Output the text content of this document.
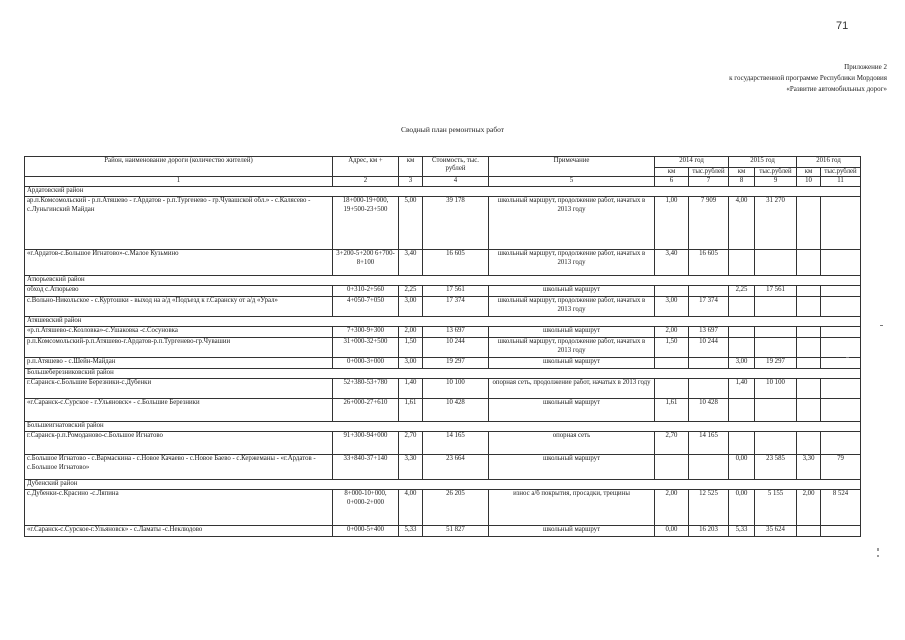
71
Приложение 2
к государственной программе Республики Мордовия
«Развитие автомобильных дорог»
Сводный план ремонтных работ
Район, наименование дороги (количество жителей)	Адрес, км +	км	Стоимость, тыс. рублей	Примечание	2014 год		2015 год		2016 год	
					км	тыс.рублей	км	тыс.рублей	км	тыс.рублей
1	2	3	4	5	6	7	8	9	10	11
Ардатовский район										
ар.п.Комсомольский - р.п.Атяшево - г.Ардатов - р.п.Тургенево - гр.Чувашской обл.» - с.Калясево - с.Луньгинский Майдан	18+000-19+000, 19+500-23+500	5,00	39 178	школьный маршрут, продолжение работ, начатых в 2013 году	1,00	7 909	4,00	31 270		
«г.Ардатов-с.Большое Игнатово»-с.Малое Кузьмино	3+200-5+200 6+700-8+100	3,40	16 605	школьный маршрут, продолжение работ, начатых в 2013 году	3,40	16 605				
Атюрьевский район										
обход с.Атюрьево	0+310-2+560	2,25	17 561	школьный маршрут			2,25	17 561		
с.Вольно-Никольское - с.Куртошки - выход на а/д «Подъезд к г.Саранску от а/д «Урал»	4+050-7+050	3,00	17 374	школьный маршрут, продолжение работ, начатых в 2013 году	3,00	17 374				
Атяшевский район										
«р.п.Атяшево-с.Козловка»-с.Ушаковка -с.Сосуновка	7+300-9+300	2,00	13 697	школьный маршрут	2,00	13 697				
р.п.Комсомольский-р.п.Атяшево-г.Ардатов-р.п.Тургенево-гр.Чувашии	31+000-32+500	1,50	10 244	школьный маршрут, продолжение работ, начатых в 2013 году	1,50	10 244				
р.п.Атяшево - с.Шейн-Майдан	0+000-3+000	3,00	19 297	школьный маршрут			3,00	19 297		
Большеберезниковский район										
г.Саранск-с.Большие Березники-с.Дубенки	52+380-53+780	1,40	10 100	опорная сеть, продолжение работ, начатых в 2013 году			1,40	10 100		
«г.Саранск-с.Сурское - г.Ульяновск» - с.Большие Березники	26+000-27+610	1,61	10 428	школьный маршрут	1,61	10 428				
Большеигнатовский район										
г.Саранск-р.п.Ромоданово-с.Большое Игнатово	91+300-94+000	2,70	14 165	опорная сеть	2,70	14 165				
с.Большое Игнатово - с.Вармаскина - с.Новое Качаево - с.Новое Баево - с.Кержеманы - «г.Ардатов - с.Большое Игнатово»	33+840-37+140	3,30	23 664	школьный маршрут			0,00	23 585	3,30	79
Дубенский район										
с.Дубенки-с.Красино -с.Ляпина	8+000-10+000, 0+000-2+000	4,00	26 205	износ а/б покрытия, просадки, трещины	2,00	12 525	0,00	5 155	2,00	8 524
«г.Саранск-с.Сурское-г.Ульяновск» - с.Ламаты -с.Неклюдово	0+000-5+400	5,33	51 827	школьный маршрут	0,00	16 203	5,33	35 624		
